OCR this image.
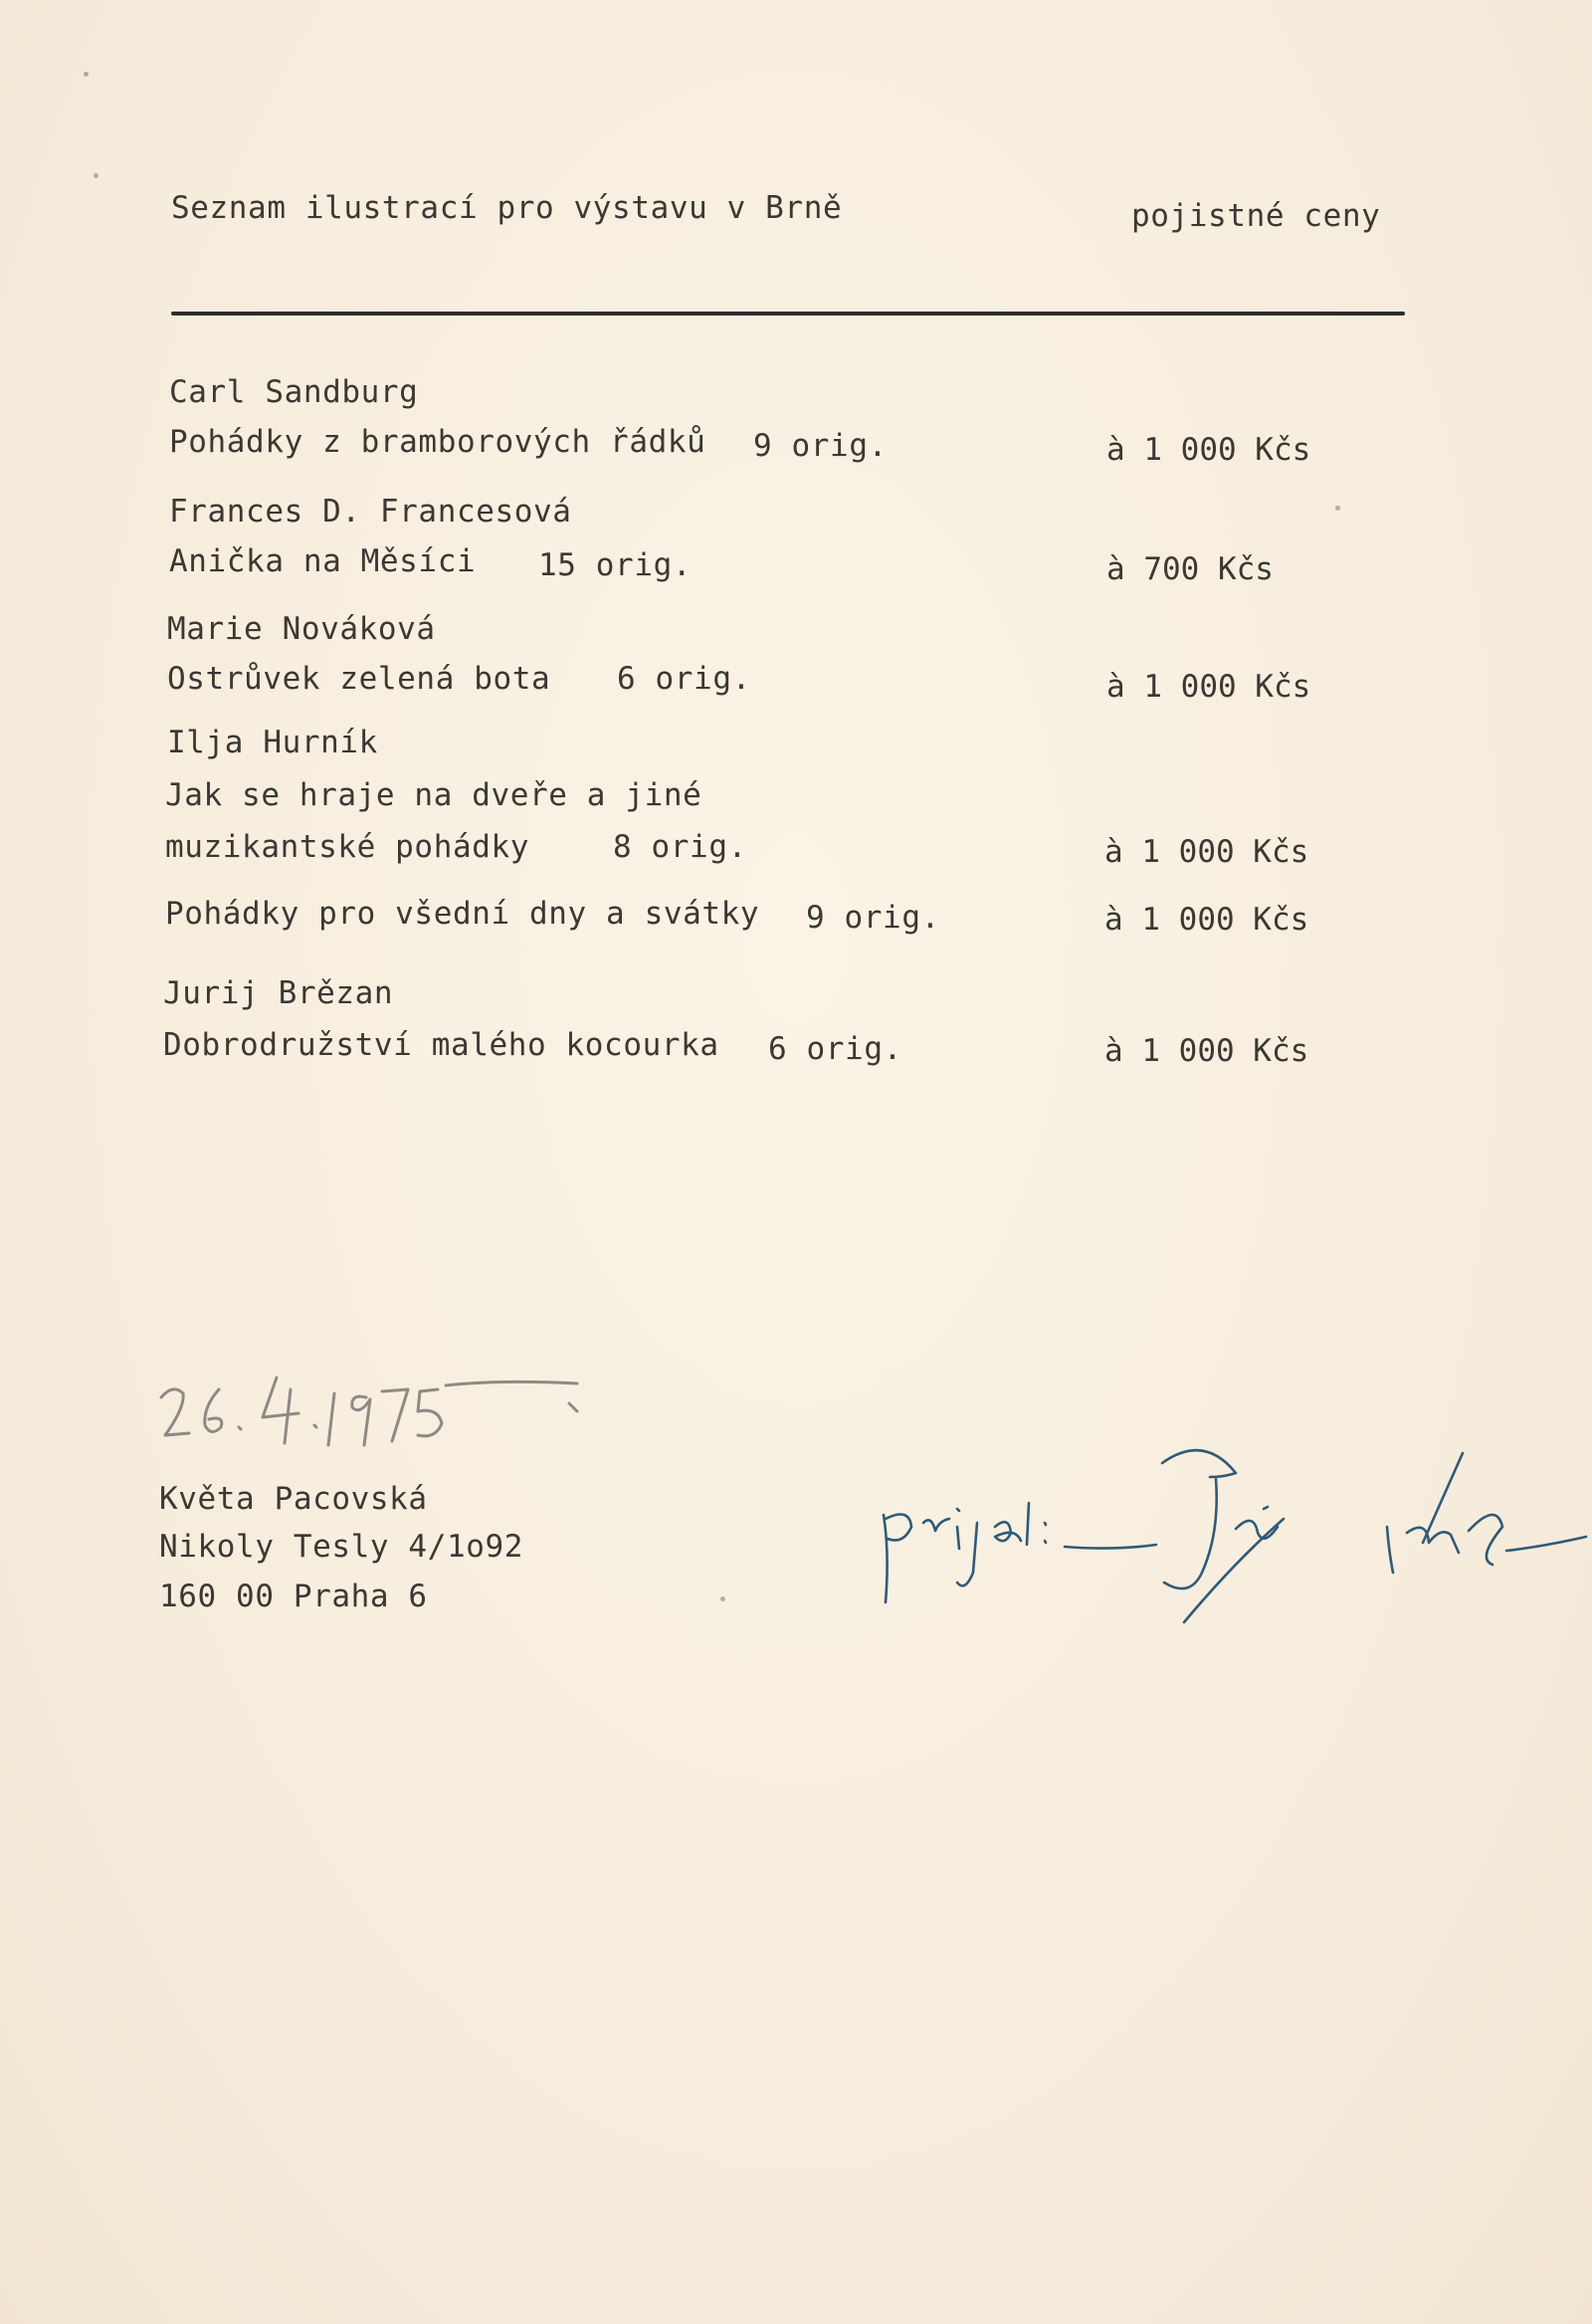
Seznam ilustrací pro výstavu v Brně	pojistné ceny
Carl Sandburg
Pohádky z bramborových řádků 9 orig.	à 1 000 Kčs
Frances D. Francesová
Anička na Měsíci 15 orig.	à 700 Kčs
Marie Nováková
Ostrůvek zelená bota 6 orig.	à 1 000 Kčs
Ilja Hurník
Jak se hraje na dveře a jiné
muzikantské pohádky	8 orig.	à 1 000 Kčs
Pohádky pro všední dny a svátky 9 orig.	à 1 000 Kčs
Jurij Brězan
Dobrodružství malého kocourka 6 orig.	à 1 000 Kčs
26.4.1975
Květa Pacovská
Nikoly Tesly 4/1o92
160 00 Praha 6
přijal: Jiří Vach
